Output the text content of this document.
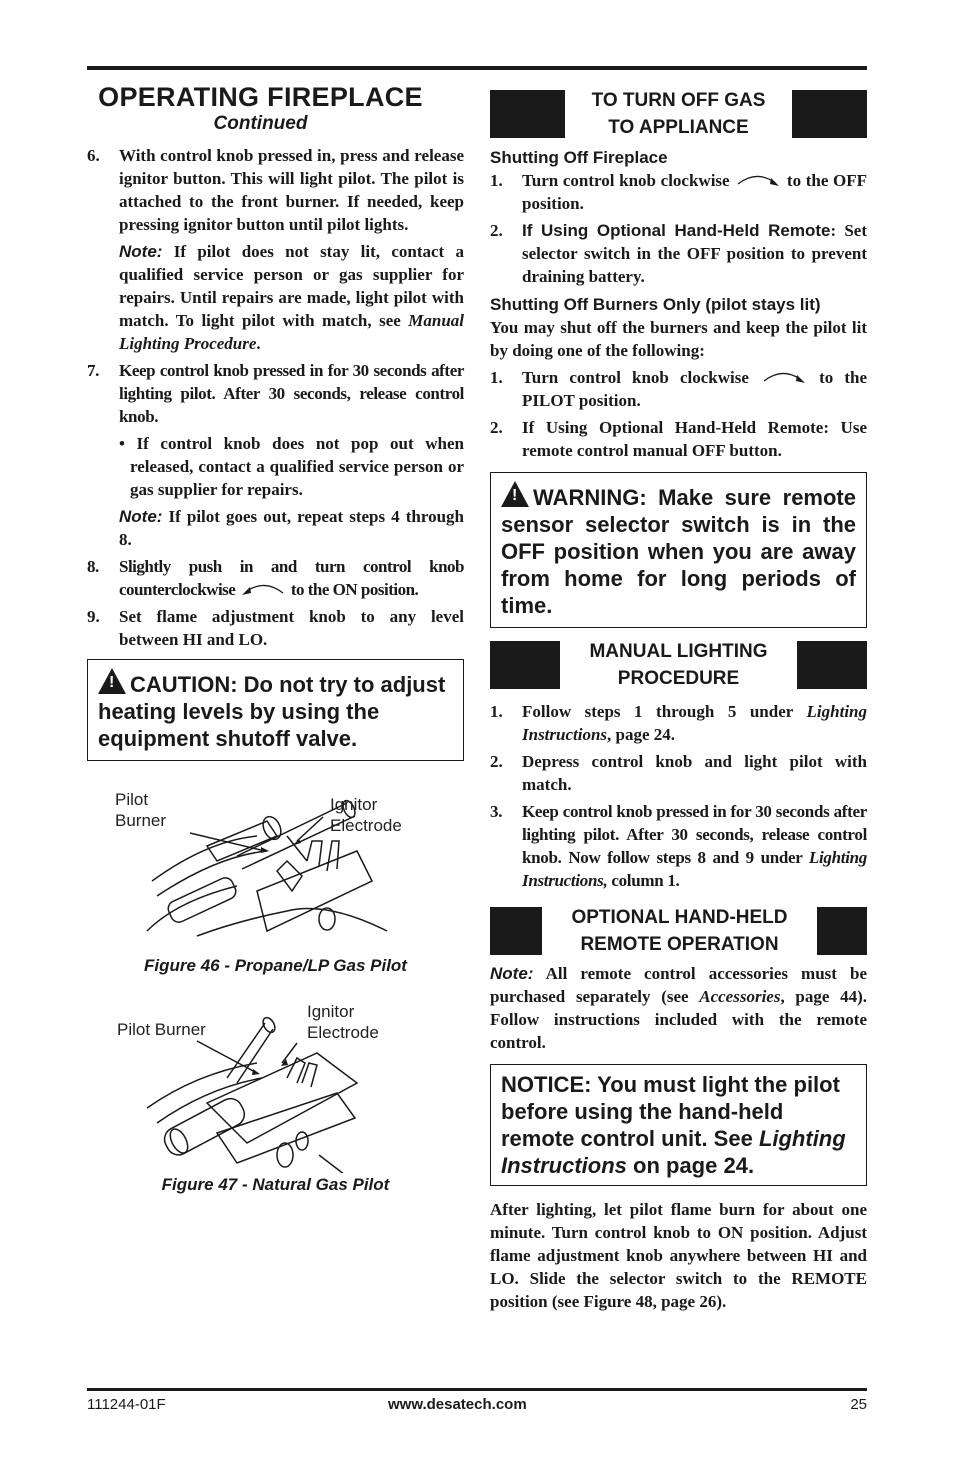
OPERATING FIREPLACE
Continued
6. With control knob pressed in, press and release ignitor button. This will light pilot. The pilot is attached to the front burner. If needed, keep pressing ignitor button until pilot lights.
Note: If pilot does not stay lit, contact a qualified service person or gas supplier for repairs. Until repairs are made, light pilot with match. To light pilot with match, see Manual Lighting Procedure.
7. Keep control knob pressed in for 30 seconds after lighting pilot. After 30 seconds, release control knob.
• If control knob does not pop out when released, contact a qualified service person or gas supplier for repairs.
Note: If pilot goes out, repeat steps 4 through 8.
8. Slightly push in and turn control knob counterclockwise	to the ON position.
9. Set flame adjustment knob to any level between HI and LO.
!CAUTION: Do not try to adjust heating levels by using the equipment shutoff valve.
Pilot
Burner
Ignitor
Electrode
Figure 46 - Propane/LP Gas Pilot
Pilot Burner
Ignitor
Electrode
Figure 47 - Natural Gas Pilot
TO TURN OFF GAS
TO APPLIANCE
Shutting Off Fireplace
1. Turn control knob clockwise	to the OFF position.
2. If Using Optional Hand-Held Remote: Set selector switch in the OFF position to prevent draining battery.
Shutting Off Burners Only (pilot stays lit)
You may shut off the burners and keep the pilot lit by doing one of the following:
1. Turn control knob clockwise	to the PILOT position.
2. If Using Optional Hand-Held Remote: Use remote control manual OFF button.
!WARNING: Make sure remote sensor selector switch is in the OFF position when you are away from home for long periods of time.
MANUAL LIGHTING
PROCEDURE
1. Follow steps 1 through 5 under Lighting Instructions, page 24.
2. Depress control knob and light pilot with match.
3. Keep control knob pressed in for 30 seconds after lighting pilot. After 30 seconds, release control knob. Now follow steps 8 and 9 under Lighting Instructions, column 1.
OPTIONAL HAND-HELD
REMOTE OPERATION
Note: All remote control accessories must be purchased separately (see Accessories, page 44). Follow instructions included with the remote control.
NOTICE: You must light the pilot before using the hand-held remote control unit. See Lighting Instructions on page 24.
After lighting, let pilot flame burn for about one minute. Turn control knob to ON position. Adjust flame adjustment knob anywhere between HI and LO. Slide the selector switch to the REMOTE position (see Figure 48, page 26).
111244-01F	www.desatech.com	25
